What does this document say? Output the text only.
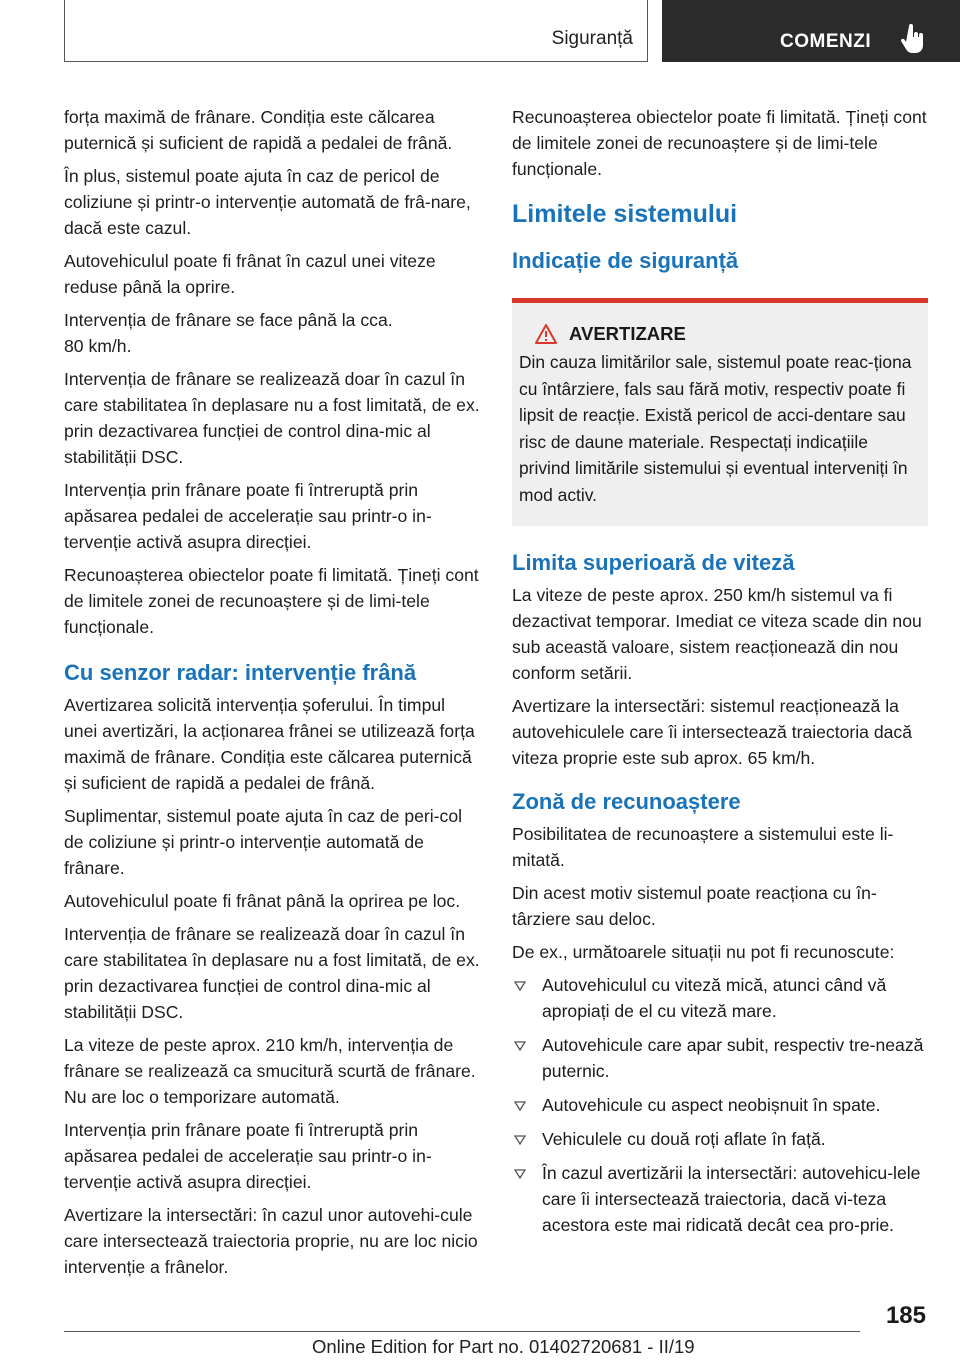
Siguranță	COMENZI

forța maximă de frânare. Condiția este călcarea puternică și suficient de rapidă a pedalei de frână.

În plus, sistemul poate ajuta în caz de pericol de coliziune și printr‐o intervenție automată de frâ‐nare, dacă este cazul.

Autovehiculul poate fi frânat în cazul unei viteze reduse până la oprire.

Intervenția de frânare se face până la cca.
80 km/h.

Intervenția de frânare se realizează doar în cazul în care stabilitatea în deplasare nu a fost limitată, de ex. prin dezactivarea funcției de control dina‐mic al stabilității DSC.

Intervenția prin frânare poate fi întreruptă prin apăsarea pedalei de accelerație sau printr‐o in‐tervenție activă asupra direcției.

Recunoașterea obiectelor poate fi limitată. Țineți cont de limitele zonei de recunoaștere și de limi‐tele funcționale.

Cu senzor radar: intervenție frână

Avertizarea solicită intervenția șoferului. În timpul unei avertizări, la acționarea frânei se utilizează forța maximă de frânare. Condiția este călcarea puternică și suficient de rapidă a pedalei de frână.

Suplimentar, sistemul poate ajuta în caz de peri‐col de coliziune și printr‐o intervenție automată de frânare.

Autovehiculul poate fi frânat până la oprirea pe loc.

Intervenția de frânare se realizează doar în cazul în care stabilitatea în deplasare nu a fost limitată, de ex. prin dezactivarea funcției de control dina‐mic al stabilității DSC.

La viteze de peste aprox. 210 km/h, intervenția de frânare se realizează ca smucitură scurtă de frânare. Nu are loc o temporizare automată.

Intervenția prin frânare poate fi întreruptă prin apăsarea pedalei de accelerație sau printr‐o in‐tervenție activă asupra direcției.

Avertizare la intersectări: în cazul unor autovehi‐cule care intersectează traiectoria proprie, nu are loc nicio intervenție a frânelor.

Recunoașterea obiectelor poate fi limitată. Țineți cont de limitele zonei de recunoaștere și de limi‐tele funcționale.

Limitele sistemului
Indicație de siguranță
AVERTIZARE

Din cauza limitărilor sale, sistemul poate reac‐ționa cu întârziere, fals sau fără motiv, respectiv poate fi lipsit de reacție. Există pericol de acci‐dentare sau risc de daune materiale. Respectați indicațiile privind limitările sistemului și eventual interveniți în mod activ.

Limita superioară de viteză

La viteze de peste aprox. 250 km/h sistemul va fi dezactivat temporar. Imediat ce viteza scade din nou sub această valoare, sistem reacționează din nou conform setării.

Avertizare la intersectări: sistemul reacționează la autovehiculele care îi intersectează traiectoria dacă viteza proprie este sub aprox. 65 km/h.

Zonă de recunoaștere

Posibilitatea de recunoaștere a sistemului este li‐mitată.

Din acest motiv sistemul poate reacționa cu în‐târziere sau deloc.

De ex., următoarele situații nu pot fi recunoscute:

Autovehiculul cu viteză mică, atunci când vă apropiați de el cu viteză mare.
Autovehicule care apar subit, respectiv tre‐nează puternic.
Autovehicule cu aspect neobișnuit în spate.
Vehiculele cu două roți aflate în față.
În cazul avertizării la intersectări: autovehicu‐lele care îi intersectează traiectoria, dacă vi‐teza acestora este mai ridicată decât cea pro‐prie.
185
Online Edition for Part no. 01402720681 - II/19
